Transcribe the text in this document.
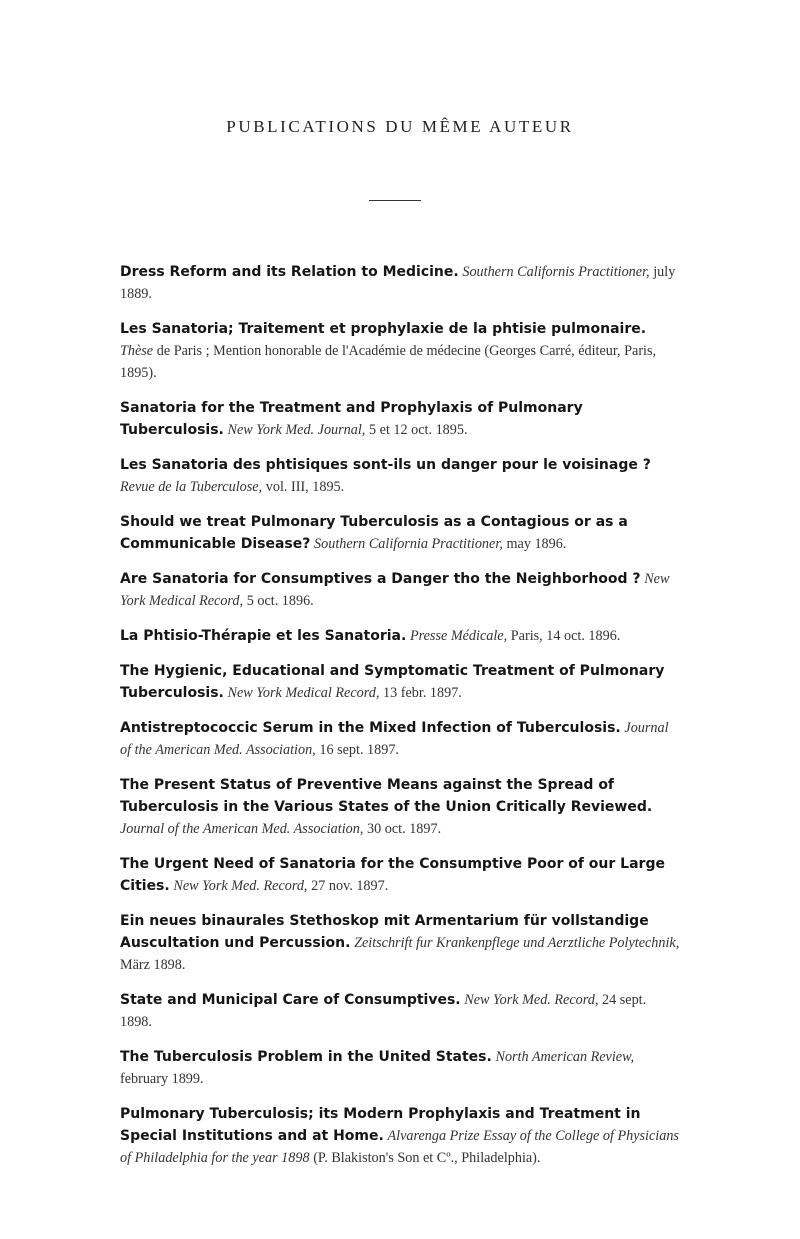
PUBLICATIONS DU MÊME AUTEUR

Dress Reform and its Relation to Medicine. Southern Californis Practitioner, july 1889.

Les Sanatoria; Traitement et prophylaxie de la phtisie pulmonaire. Thèse de Paris ; Mention honorable de l'Académie de médecine (Georges Carré, éditeur, Paris, 1895).

Sanatoria for the Treatment and Prophylaxis of Pulmonary Tuberculosis. New York Med. Journal, 5 et 12 oct. 1895.

Les Sanatoria des phtisiques sont-ils un danger pour le voisinage ? Revue de la Tuberculose, vol. III, 1895.

Should we treat Pulmonary Tuberculosis as a Contagious or as a Communicable Disease? Southern California Practitioner, may 1896.

Are Sanatoria for Consumptives a Danger tho the Neighborhood ? New York Medical Record, 5 oct. 1896.

La Phtisio-Thérapie et les Sanatoria. Presse Médicale, Paris, 14 oct. 1896.

The Hygienic, Educational and Symptomatic Treatment of Pulmonary Tuberculosis. New York Medical Record, 13 febr. 1897.

Antistreptococcic Serum in the Mixed Infection of Tuberculosis. Journal of the American Med. Association, 16 sept. 1897.

The Present Status of Preventive Means against the Spread of Tuberculosis in the Various States of the Union Critically Reviewed. Journal of the American Med. Association, 30 oct. 1897.

The Urgent Need of Sanatoria for the Consumptive Poor of our Large Cities. New York Med. Record, 27 nov. 1897.

Ein neues binaurales Stethoskop mit Armentarium für vollstandige Auscultation und Percussion. Zeitschrift fur Krankenpflege und Aerztliche Polytechnik, März 1898.

State and Municipal Care of Consumptives. New York Med. Record, 24 sept. 1898.

The Tuberculosis Problem in the United States. North American Review, february 1899.

Pulmonary Tuberculosis; its Modern Prophylaxis and Treatment in Special Institutions and at Home. Alvarenga Prize Essay of the College of Physicians of Philadelphia for the year 1898 (P. Blakiston's Son et Cº., Philadelphia).
